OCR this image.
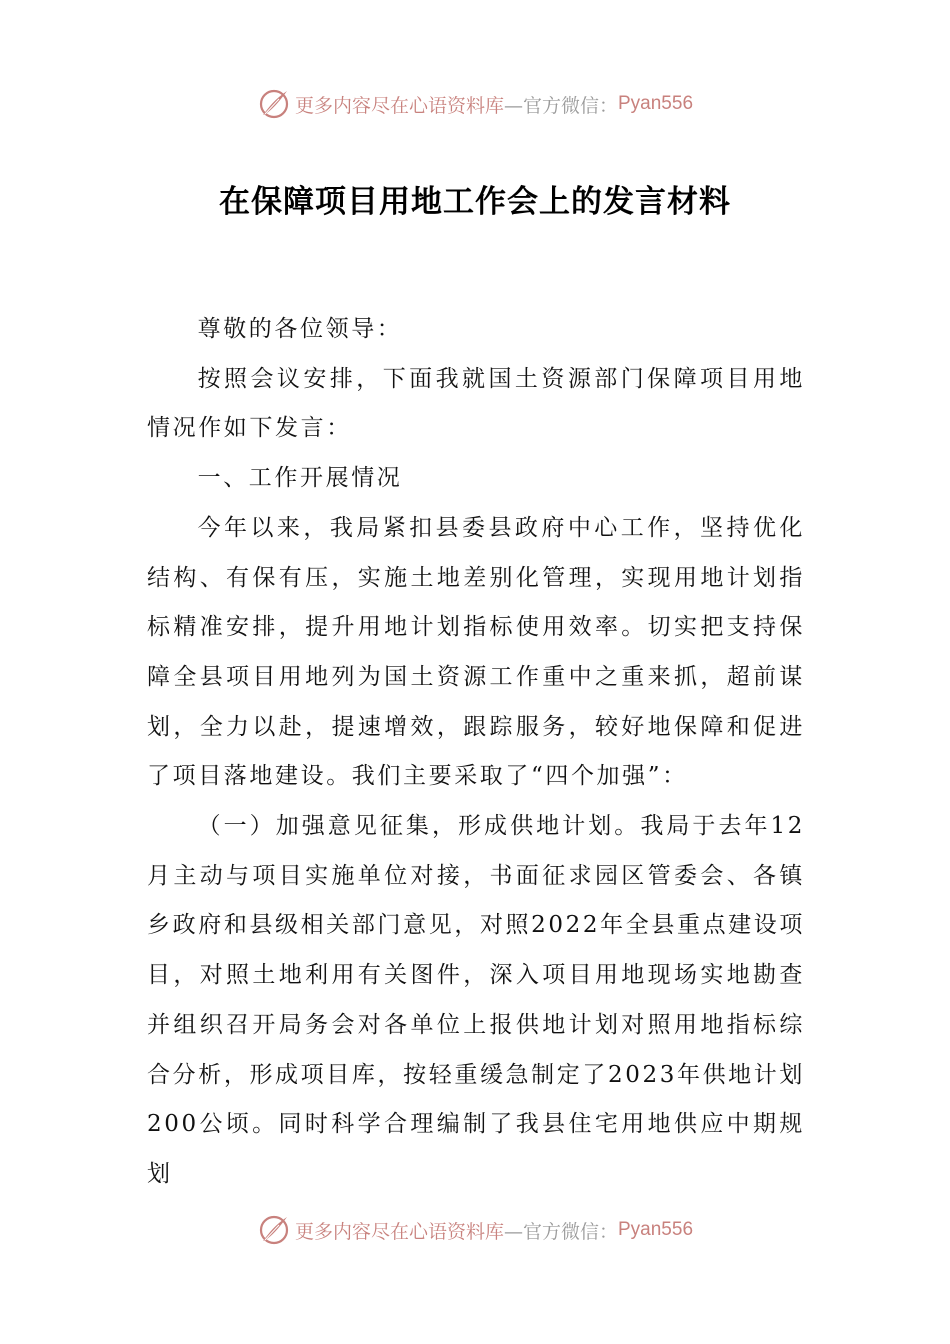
更多内容尽在心语资料库 —官方微信： Pyan556
在保障项目用地工作会上的发言材料

尊敬的各位领导：

按照会议安排，下面我就国土资源部门保障项目用地情况作如下发言：

一、工作开展情况

今年以来，我局紧扣县委县政府中心工作，坚持优化结构、有保有压，实施土地差别化管理，实现用地计划指标精准安排，提升用地计划指标使用效率。切实把支持保障全县项目用地列为国土资源工作重中之重来抓，超前谋划，全力以赴，提速增效，跟踪服务，较好地保障和促进了项目落地建设。我们主要采取了“四个加强”：

（一）加强意见征集，形成供地计划。我局于去年12月主动与项目实施单位对接，书面征求园区管委会、各镇乡政府和县级相关部门意见，对照2022年全县重点建设项目，对照土地利用有关图件，深入项目用地现场实地勘查并组织召开局务会对各单位上报供地计划对照用地指标综合分析，形成项目库，按轻重缓急制定了2023年供地计划200公顷。同时科学合理编制了我县住宅用地供应中期规划

更多内容尽在心语资料库 —官方微信： Pyan556
